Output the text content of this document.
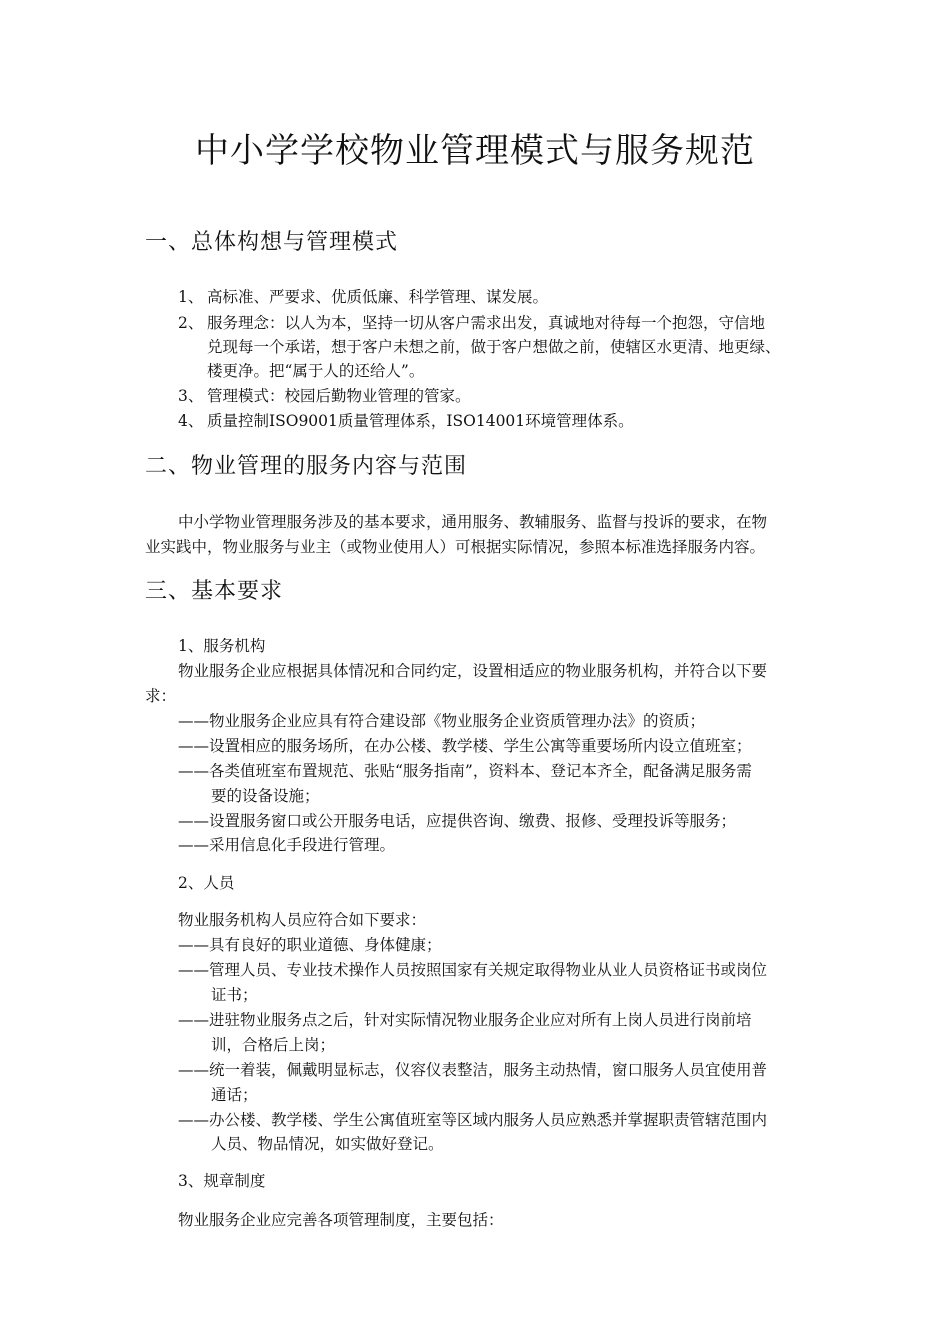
中小学学校物业管理模式与服务规范
一、总体构想与管理模式
1、 高标准、严要求、优质低廉、科学管理、谋发展。
2、 服务理念：以人为本，坚持一切从客户需求出发，真诚地对待每一个抱怨，守信地
兑现每一个承诺，想于客户未想之前，做于客户想做之前，使辖区水更清、地更绿、
楼更净。把“属于人的还给人”。
3、 管理模式：校园后勤物业管理的管家。
4、 质量控制ISO9001质量管理体系，ISO14001环境管理体系。
二、物业管理的服务内容与范围
中小学物业管理服务涉及的基本要求，通用服务、教辅服务、监督与投诉的要求，在物
业实践中，物业服务与业主（或物业使用人）可根据实际情况，参照本标准选择服务内容。
三、基本要求
1、服务机构
物业服务企业应根据具体情况和合同约定，设置相适应的物业服务机构，并符合以下要
求：
——物业服务企业应具有符合建设部《物业服务企业资质管理办法》的资质；
——设置相应的服务场所，在办公楼、教学楼、学生公寓等重要场所内设立值班室；
——各类值班室布置规范、张贴“服务指南”，资料本、登记本齐全，配备满足服务需
要的设备设施；
——设置服务窗口或公开服务电话，应提供咨询、缴费、报修、受理投诉等服务；
——采用信息化手段进行管理。
2、人员
物业服务机构人员应符合如下要求：
——具有良好的职业道德、身体健康；
——管理人员、专业技术操作人员按照国家有关规定取得物业从业人员资格证书或岗位
证书；
——进驻物业服务点之后，针对实际情况物业服务企业应对所有上岗人员进行岗前培
训，合格后上岗；
——统一着装，佩戴明显标志，仪容仪表整洁，服务主动热情，窗口服务人员宜使用普
通话；
——办公楼、教学楼、学生公寓值班室等区域内服务人员应熟悉并掌握职责管辖范围内
人员、物品情况，如实做好登记。
3、规章制度
物业服务企业应完善各项管理制度，主要包括：
